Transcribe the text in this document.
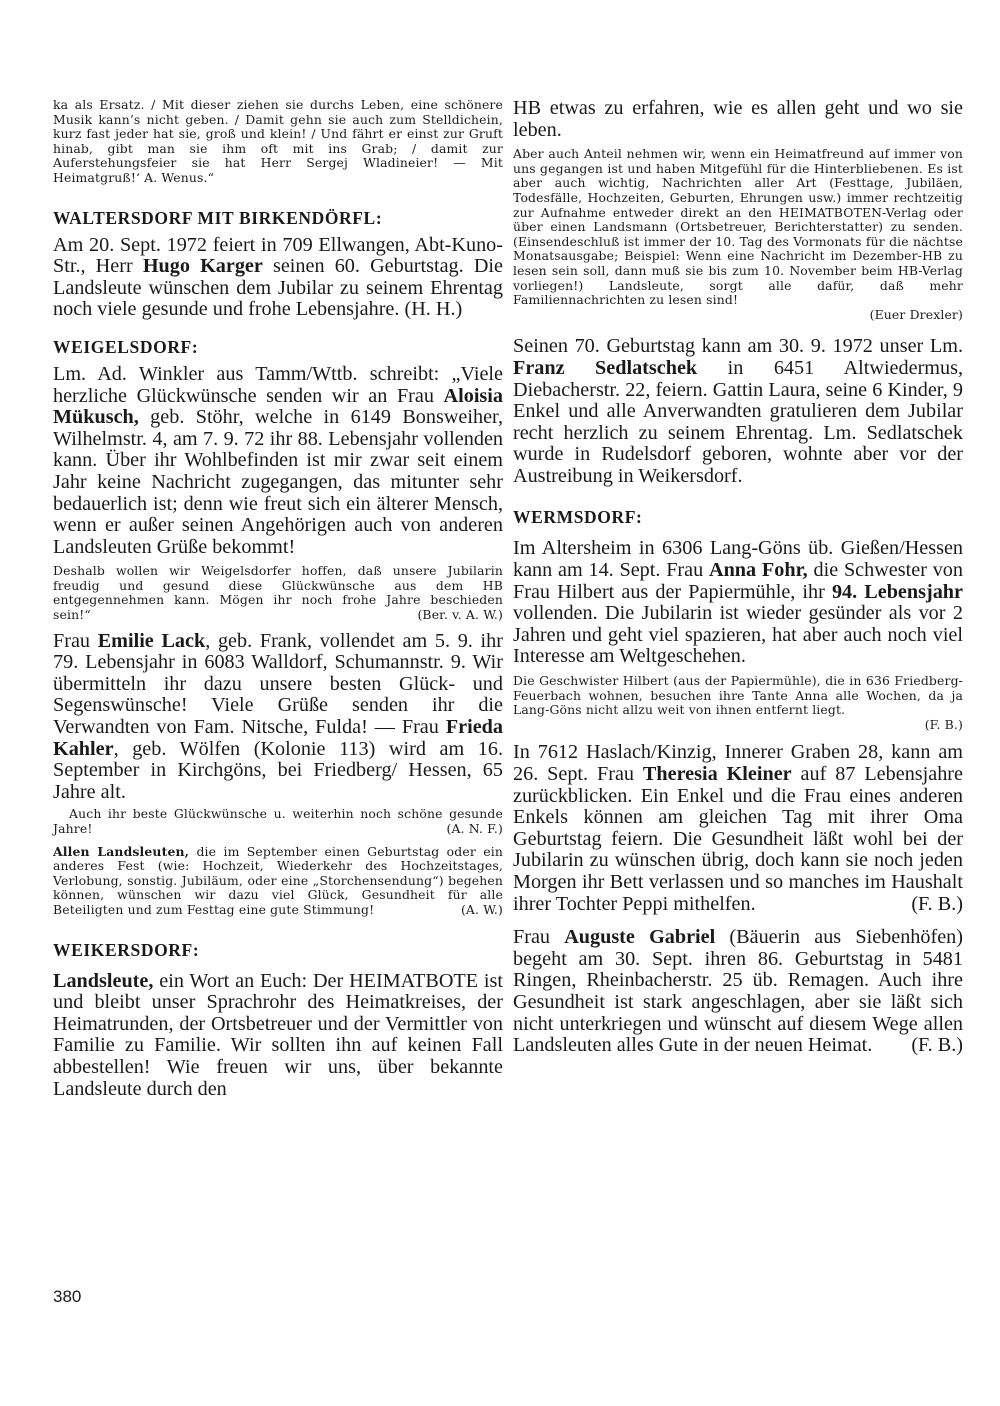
ka als Ersatz. / Mit dieser ziehen sie durchs Leben, eine schönere Musik kann’s nicht geben. / Damit gehn sie auch zum Stelldichein, kurz fast jeder hat sie, groß und klein! / Und fährt er einst zur Gruft hinab, gibt man sie ihm oft mit ins Grab; / damit zur Auferstehungsfeier sie hat Herr Sergej Wladineier! — Mit Heimatgruß!‘ A. Wenus.“

WALTERSDORF MIT BIRKENDÖRFL:

Am 20. Sept. 1972 feiert in 709 Ellwangen, Abt-Kuno-Str., Herr Hugo Karger seinen 60. Geburtstag. Die Landsleute wünschen dem Jubilar zu seinem Ehrentag noch viele gesunde und frohe Lebensjahre. (H. H.)

WEIGELSDORF:

Lm. Ad. Winkler aus Tamm/Wttb. schreibt: „Viele herzliche Glückwünsche senden wir an Frau Aloisia Mükusch, geb. Stöhr, welche in 6149 Bonsweiher, Wilhelmstr. 4, am 7. 9. 72 ihr 88. Lebensjahr vollenden kann. Über ihr Wohlbefinden ist mir zwar seit einem Jahr keine Nachricht zugegangen, das mitunter sehr bedauerlich ist; denn wie freut sich ein älterer Mensch, wenn er außer seinen Angehörigen auch von anderen Landsleuten Grüße bekommt!

Deshalb wollen wir Weigelsdorfer hoffen, daß unsere Jubilarin freudig und gesund diese Glückwünsche aus dem HB entgegennehmen kann. Mögen ihr noch frohe Jahre beschieden sein!“	(Ber. v. A. W.)

Frau Emilie Lack, geb. Frank, vollendet am 5. 9. ihr 79. Lebensjahr in 6083 Walldorf, Schumannstr. 9. Wir übermitteln ihr dazu unsere besten Glück- und Segenswünsche! Viele Grüße senden ihr die Verwandten von Fam. Nitsche, Fulda! — Frau Frieda Kahler, geb. Wölfen (Kolonie 113) wird am 16. September in Kirchgöns, bei Friedberg/ Hessen, 65 Jahre alt.

Auch ihr beste Glückwünsche u. weiterhin noch schöne gesunde Jahre!	(A. N. F.)

Allen Landsleuten, die im September einen Geburtstag oder ein anderes Fest (wie: Hochzeit, Wiederkehr des Hochzeitstages, Verlobung, sonstig. Jubiläum, oder eine „Storchensendung“) begehen können, wünschen wir dazu viel Glück, Gesundheit für alle Beteiligten und zum Festtag eine gute Stimmung!	(A. W.)

WEIKERSDORF:

Landsleute, ein Wort an Euch: Der HEIMATBOTE ist und bleibt unser Sprachrohr des Heimatkreises, der Heimatrunden, der Ortsbetreuer und der Vermittler von Familie zu Familie. Wir sollten ihn auf keinen Fall abbestellen! Wie freuen wir uns, über bekannte Landsleute durch den

HB etwas zu erfahren, wie es allen geht und wo sie leben.

Aber auch Anteil nehmen wir, wenn ein Heimatfreund auf immer von uns gegangen ist und haben Mitgefühl für die Hinterbliebenen. Es ist aber auch wichtig, Nachrichten aller Art (Festtage, Jubiläen, Todesfälle, Hochzeiten, Geburten, Ehrungen usw.) immer rechtzeitig zur Aufnahme entweder direkt an den HEIMATBOTEN-Verlag oder über einen Landsmann (Ortsbetreuer, Berichterstatter) zu senden. (Einsendeschluß ist immer der 10. Tag des Vormonats für die nächtse Monatsausgabe; Beispiel: Wenn eine Nachricht im Dezember-HB zu lesen sein soll, dann muß sie bis zum 10. November beim HB-Verlag vorliegen!) Landsleute, sorgt alle dafür, daß mehr Familiennachrichten zu lesen sind!
(Euer Drexler)

Seinen 70. Geburtstag kann am 30. 9. 1972 unser Lm. Franz Sedlatschek in 6451 Altwiedermus, Diebacherstr. 22, feiern. Gattin Laura, seine 6 Kinder, 9 Enkel und alle Anverwandten gratulieren dem Jubilar recht herzlich zu seinem Ehrentag. Lm. Sedlatschek wurde in Rudelsdorf geboren, wohnte aber vor der Austreibung in Weikersdorf.

WERMSDORF:

Im Altersheim in 6306 Lang-Göns üb. Gießen/Hessen kann am 14. Sept. Frau Anna Fohr, die Schwester von Frau Hilbert aus der Papiermühle, ihr 94. Lebensjahr vollenden. Die Jubilarin ist wieder gesünder als vor 2 Jahren und geht viel spazieren, hat aber auch noch viel Interesse am Weltgeschehen.

Die Geschwister Hilbert (aus der Papiermühle), die in 636 Friedberg-Feuerbach wohnen, besuchen ihre Tante Anna alle Wochen, da ja Lang-Göns nicht allzu weit von ihnen entfernt liegt.
(F. B.)

In 7612 Haslach/Kinzig, Innerer Graben 28, kann am 26. Sept. Frau Theresia Kleiner auf 87 Lebensjahre zurückblicken. Ein Enkel und die Frau eines anderen Enkels können am gleichen Tag mit ihrer Oma Geburtstag feiern. Die Gesundheit läßt wohl bei der Jubilarin zu wünschen übrig, doch kann sie noch jeden Morgen ihr Bett verlassen und so manches im Haushalt ihrer Tochter Peppi mithelfen.	(F. B.)

Frau Auguste Gabriel (Bäuerin aus Siebenhöfen) begeht am 30. Sept. ihren 86. Geburtstag in 5481 Ringen, Rheinbacherstr. 25 üb. Remagen. Auch ihre Gesundheit ist stark angeschlagen, aber sie läßt sich nicht unterkriegen und wünscht auf diesem Wege allen Landsleuten alles Gute in der neuen Heimat. (F. B.)

380
